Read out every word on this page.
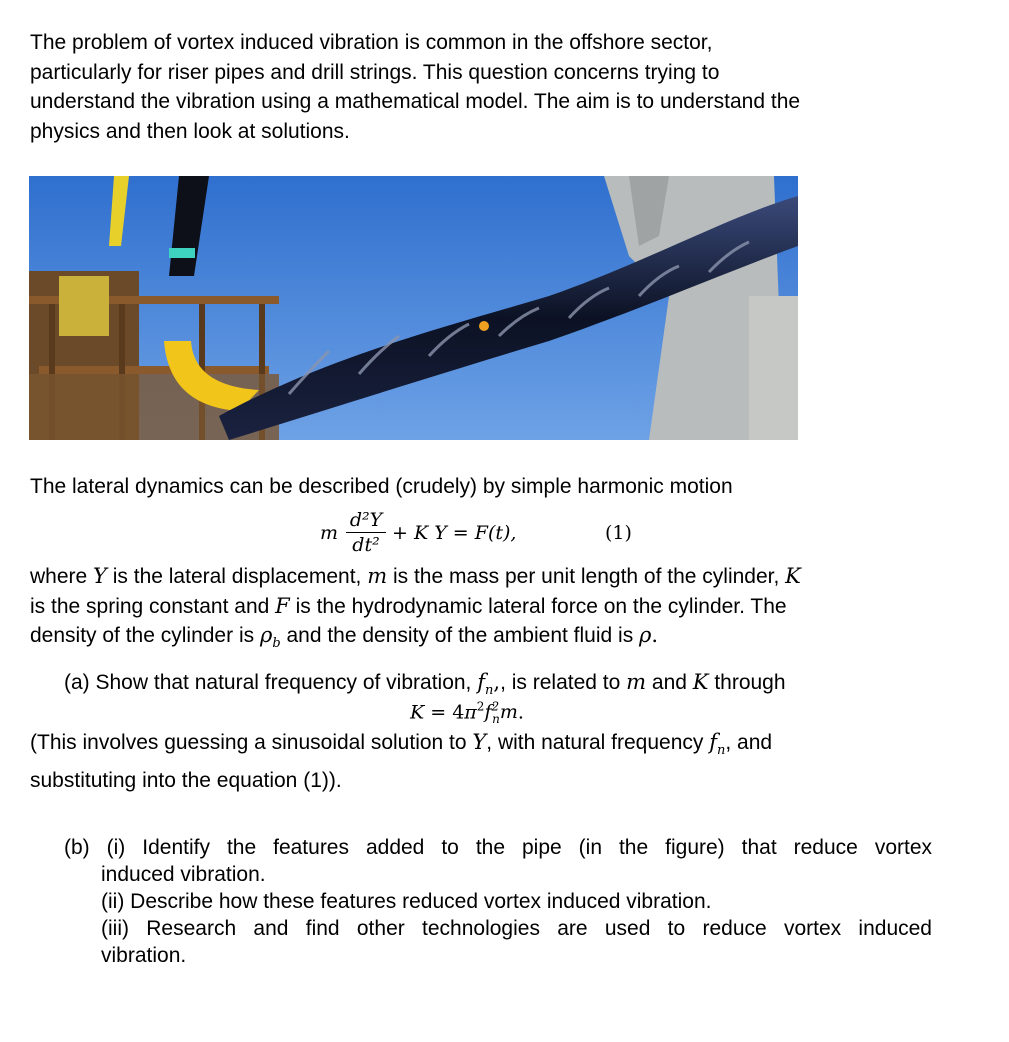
The problem of vortex induced vibration is common in the offshore sector,
particularly for riser pipes and drill strings. This question concerns trying to
understand the vibration using a mathematical model. The aim is to understand the
physics and then look at solutions.
The lateral dynamics can be described (crudely) by simple harmonic motion
m
d²Y
dt²
+ K Y = F(t),	(1)
where Y is the lateral displacement, m is the mass per unit length of the cylinder, K
is the spring constant and F is the hydrodynamic lateral force on the cylinder. The
density of the cylinder is $\rho_b$ and the density of the ambient fluid is ρ.
(a) Show that natural frequency of vibration, $f_n$,, is related to m and K through
$K = 4\pi^2f^2_nm$.
(This involves guessing a sinusoidal solution to Y, with natural frequency $f_n$, and
substituting into the equation (1)).
(b) (i) Identify the features added to the pipe (in the figure) that reduce vortex
induced vibration.
(ii) Describe how these features reduced vortex induced vibration.
(iii) Research and find other technologies are used to reduce vortex induced
vibration.
